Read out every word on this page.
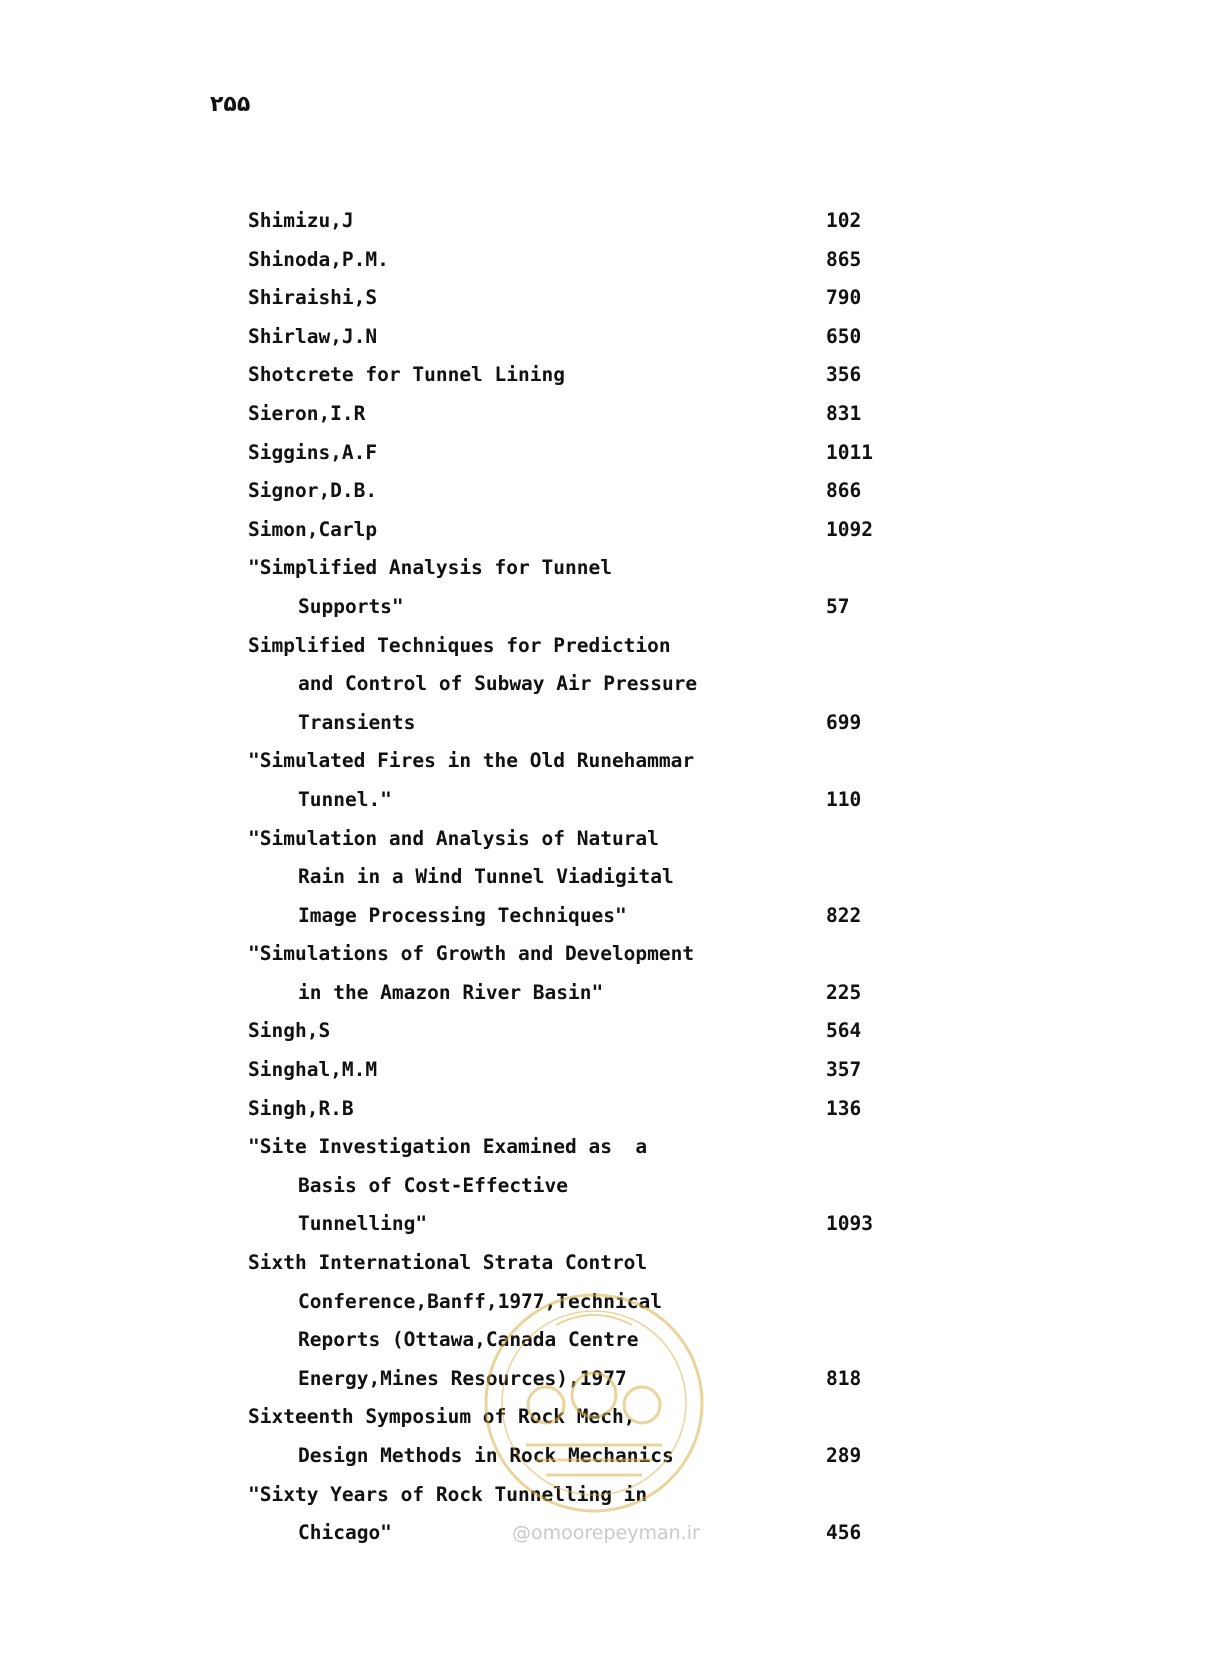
۲۵۵
Shimizu,J	102
Shinoda,P.M.	865
Shiraishi,S	790
Shirlaw,J.N	650
Shotcrete for Tunnel Lining	356
Sieron,I.R	831
Siggins,A.F	1011
Signor,D.B.	866
Simon,Carlp	1092
"Simplified Analysis for Tunnel
Supports"	57
Simplified Techniques for Prediction
and Control of Subway Air Pressure
Transients	699
"Simulated Fires in the Old Runehammar
Tunnel."	110
"Simulation and Analysis of Natural
Rain in a Wind Tunnel Viadigital
Image Processing Techniques"	822
"Simulations of Growth and Development
in the Amazon River Basin"	225
Singh,S	564
Singhal,M.M	357
Singh,R.B	136
"Site Investigation Examined as  a
Basis of Cost-Effective
Tunnelling"	1093
Sixth International Strata Control
Conference,Banff,1977,Technical
Reports (Ottawa,Canada Centre
Energy,Mines Resources),1977	818
Sixteenth Symposium of Rock Mech,
Design Methods in Rock Mechanics	289
"Sixty Years of Rock Tunnelling in
Chicago"	456
@omoorepeyman.ir
